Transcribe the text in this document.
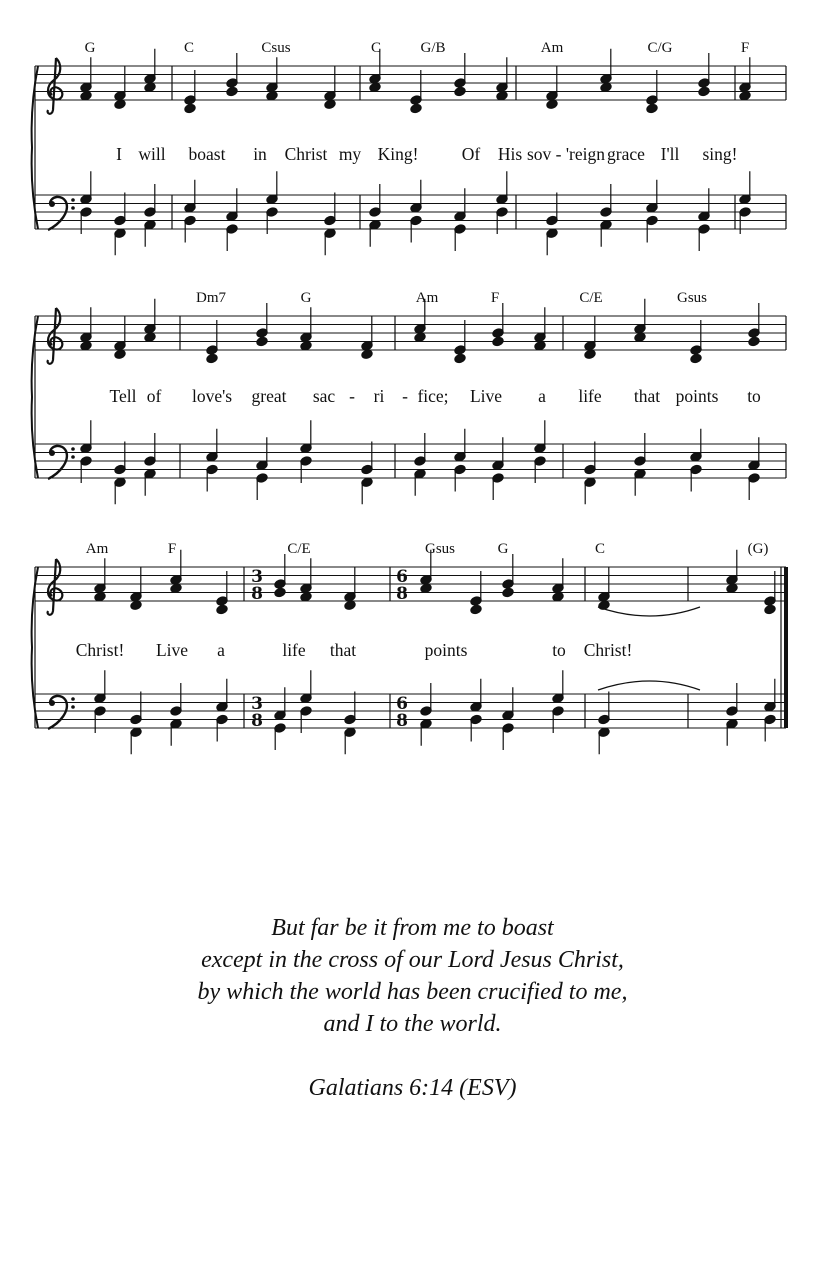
G	C	Csus	C	G/B	Am	C/G	F
I will boast in Christ my King! Of His sov - 'reign grace I'll sing!
Dm7	G	Am	F	C/E	Gsus
Tell of love's great sac - ri - fice; Live a life that points to
Am	F	C/E	Gsus	G	C	(G)
Christ! Live a	life that	points	to Christ!
3
8
3
8
6
8
6
8
But far be it from me to boast
except in the cross of our Lord Jesus Christ,
by which the world has been crucified to me,
and I to the world.
Galatians 6:14 (ESV)
